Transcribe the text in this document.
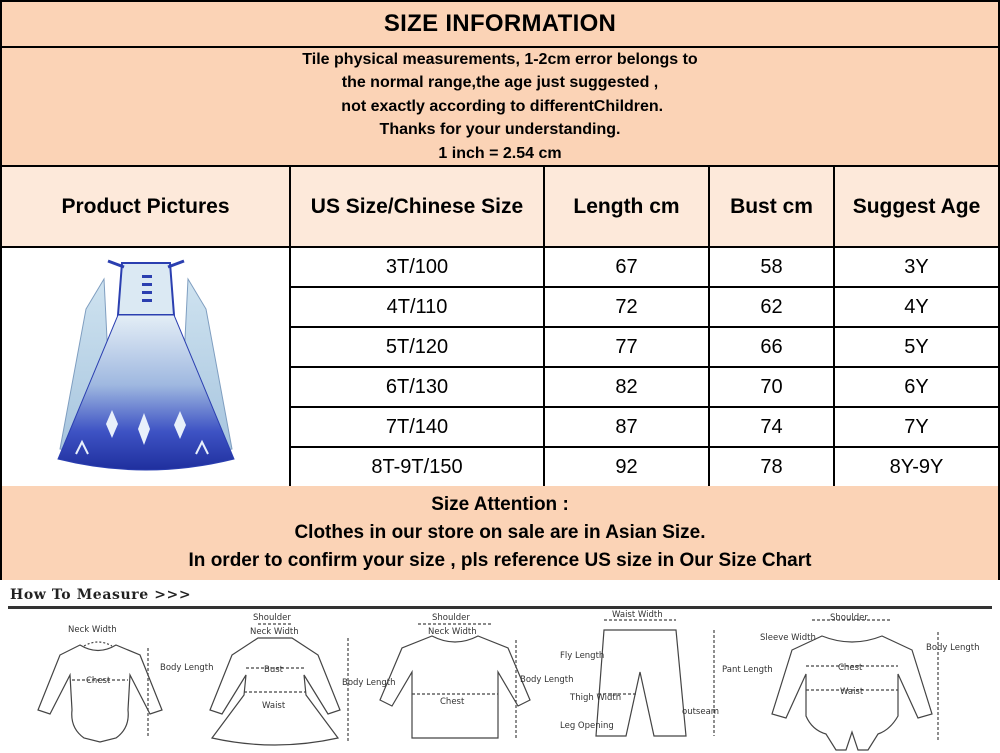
SIZE INFORMATION
Tile physical measurements, 1-2cm error belongs to
the normal range,the age just suggested ,
not exactly according to differentChildren.
Thanks for your understanding.
1 inch = 2.54 cm
Product Pictures	US Size/Chinese Size	Length cm	Bust cm	Suggest Age
	3T/100	67	58	3Y
	4T/110	72	62	4Y
	5T/120	77	66	5Y
	6T/130	82	70	6Y
	7T/140	87	74	7Y
	8T-9T/150	92	78	8Y-9Y
Size Attention :
Clothes in our store on sale are in Asian Size.
In order to confirm your size , pls reference US size in Our Size Chart
How To Measure >>>
Neck Width
Chest
Body Length
Shoulder
Neck Width
Bust
Waist
Body Length
Shoulder
Neck Width
Chest
Body Length
Waist Width
Fly Length
Pant Length
Thigh Width
outseam
Leg Opening
Shoulder
Sleeve Width
Body Length
Chest
Waist
